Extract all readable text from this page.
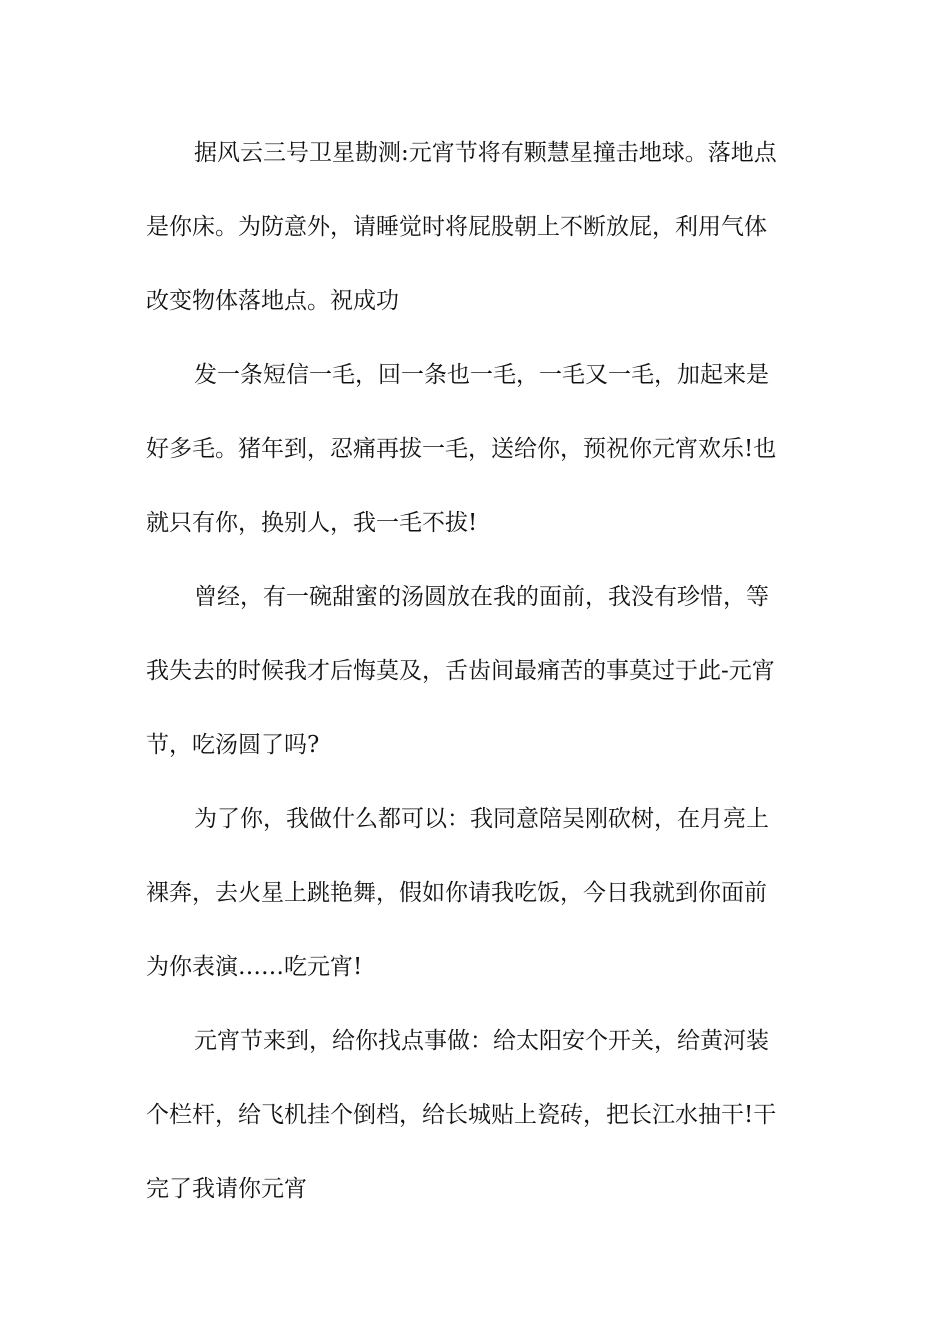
据风云三号卫星勘测:元宵节将有颗慧星撞击地球。落地点
是你床。为防意外，请睡觉时将屁股朝上不断放屁，利用气体
改变物体落地点。祝成功

发一条短信一毛，回一条也一毛，一毛又一毛，加起来是
好多毛。猪年到，忍痛再拔一毛，送给你，预祝你元宵欢乐!也
就只有你，换别人，我一毛不拔!

曾经，有一碗甜蜜的汤圆放在我的面前，我没有珍惜，等
我失去的时候我才后悔莫及，舌齿间最痛苦的事莫过于此-元宵
节，吃汤圆了吗?

为了你，我做什么都可以：我同意陪吴刚砍树，在月亮上
裸奔，去火星上跳艳舞，假如你请我吃饭，今日我就到你面前
为你表演……吃元宵!

元宵节来到，给你找点事做：给太阳安个开关，给黄河装
个栏杆，给飞机挂个倒档，给长城贴上瓷砖，把长江水抽干!干
完了我请你元宵
